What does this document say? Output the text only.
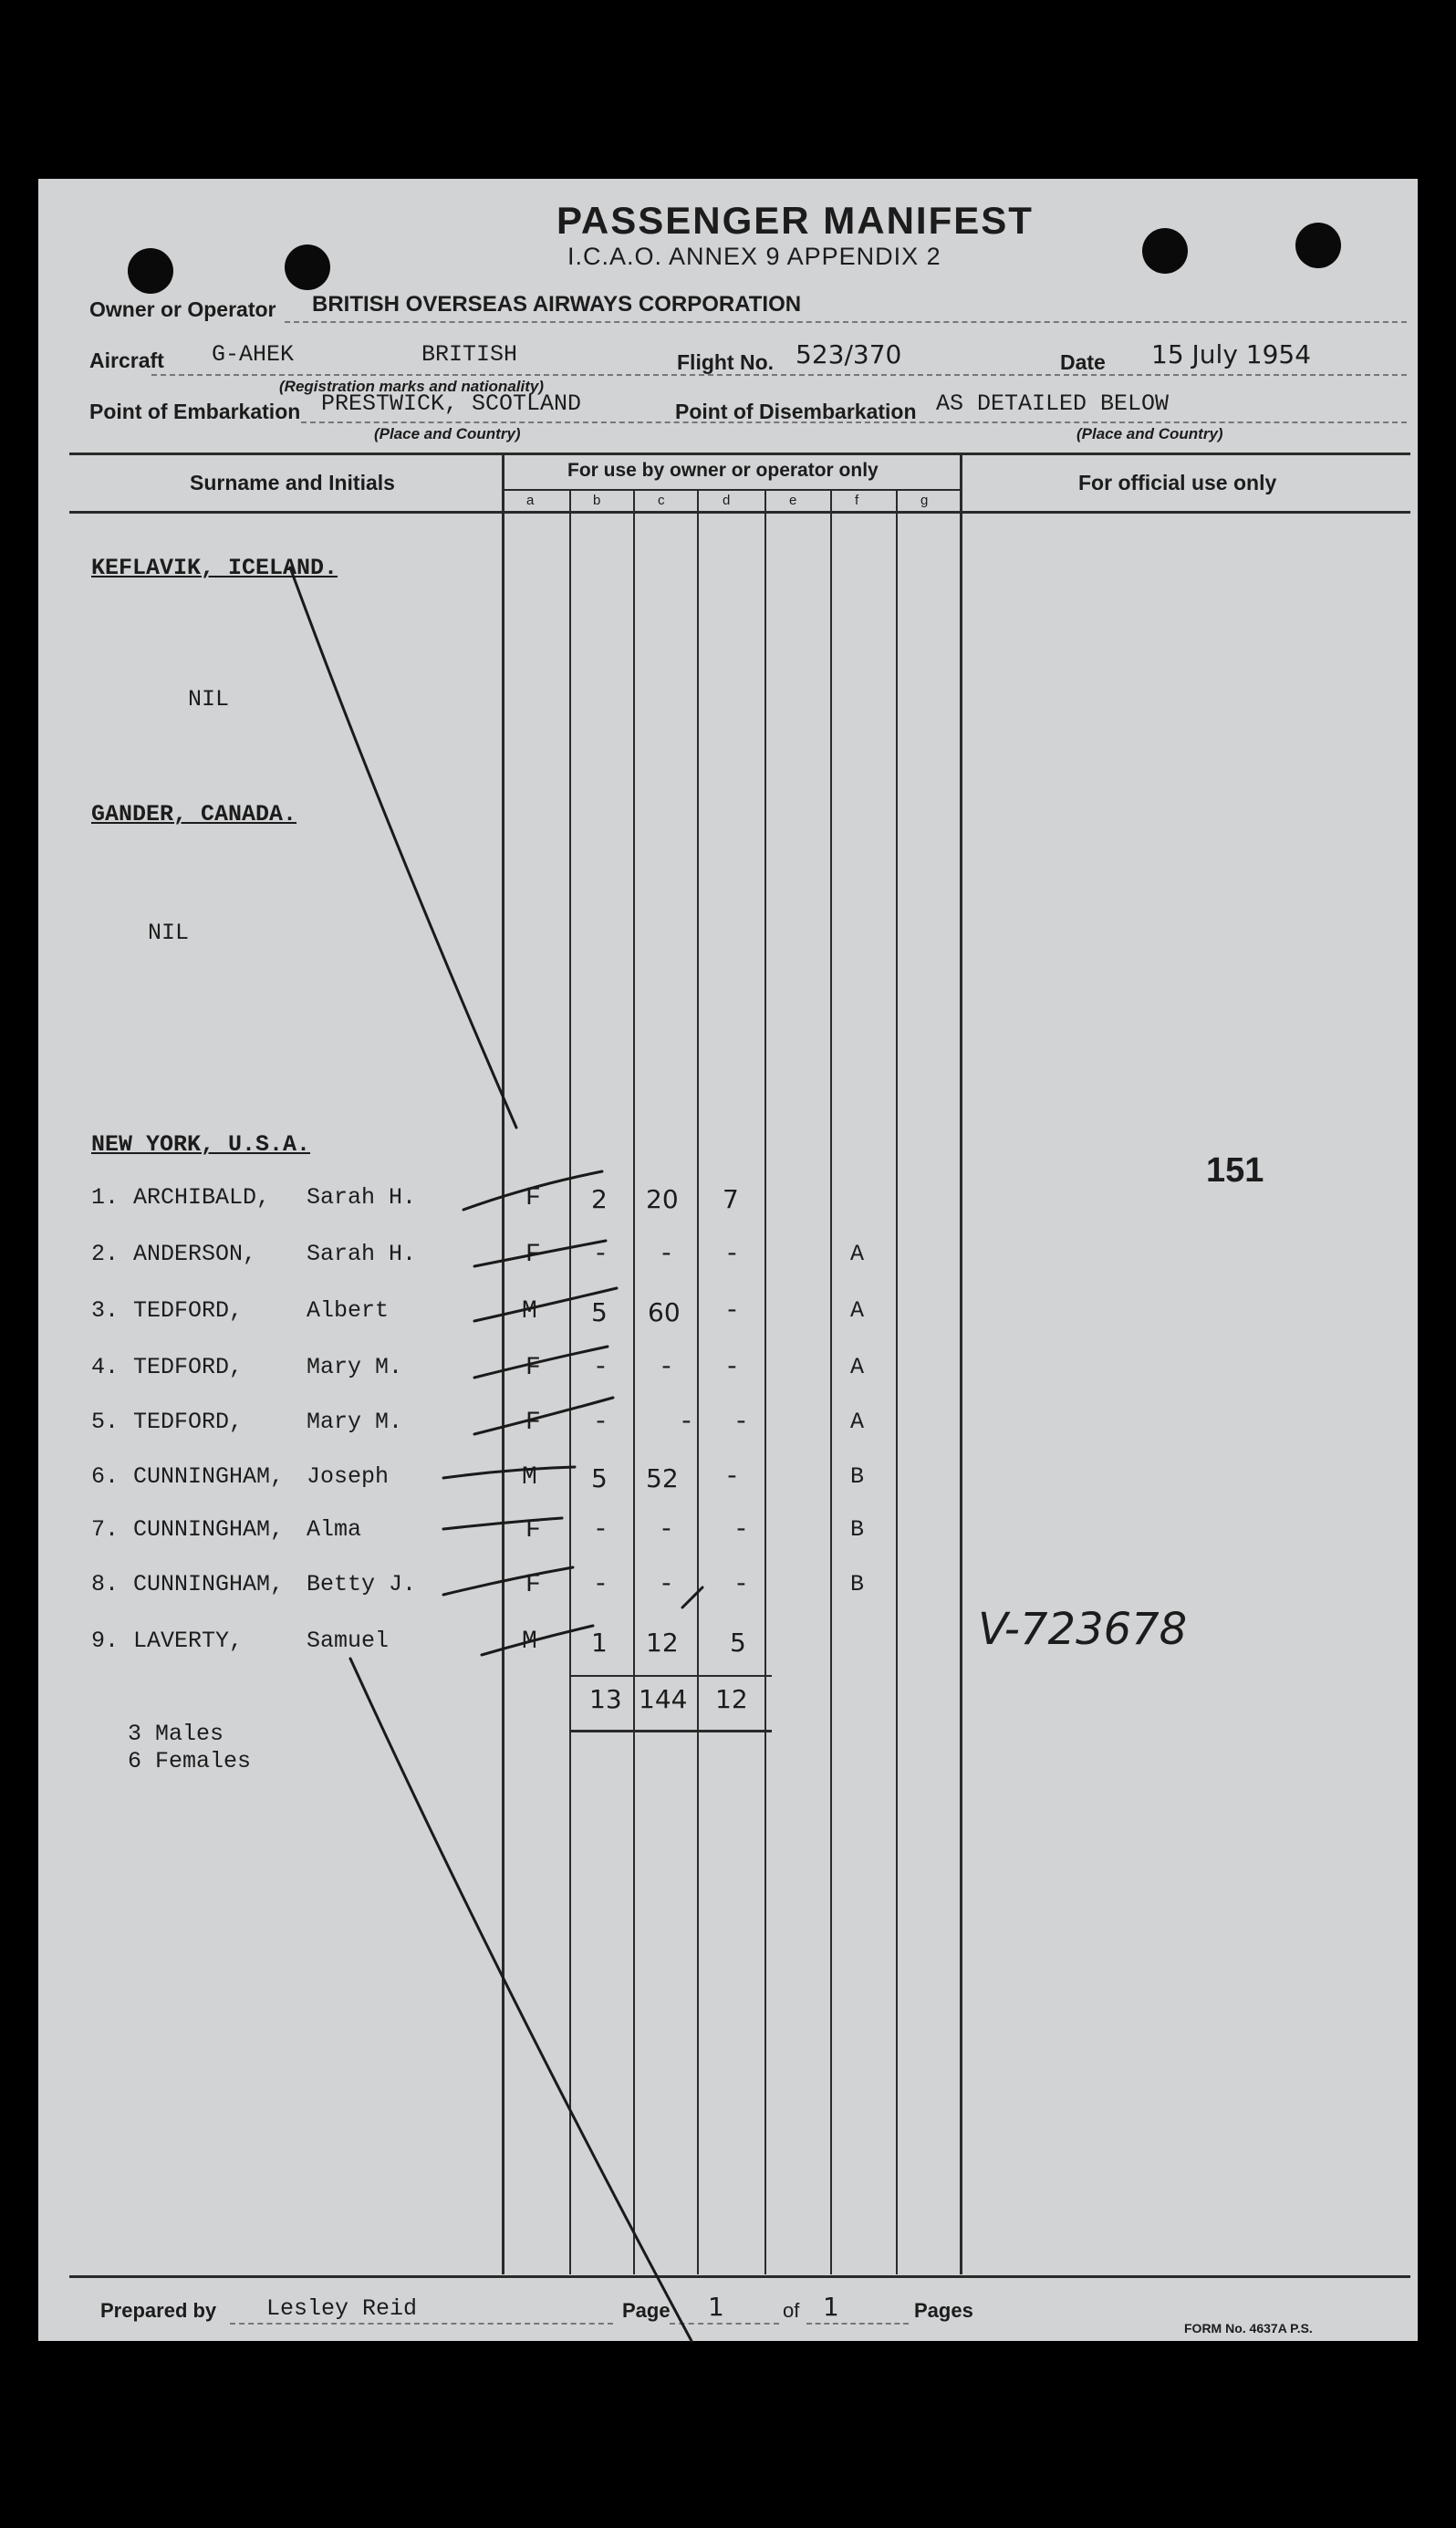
PASSENGER MANIFEST
I.C.A.O. ANNEX 9 APPENDIX 2
Owner or Operator BRITISH OVERSEAS AIRWAYS CORPORATION
Aircraft G-AHEK	BRITISH
(Registration marks and nationality)
Flight No. 523/370	Date 15 July 1954
Point of Embarkation PRESTWICK, SCOTLAND
(Place and Country)
Point of Disembarkation AS DETAILED BELOW
(Place and Country)
Surname and Initials
For use by owner or operator only
For official use only
a	b	c	d	e	f	g
KEFLAVIK, ICELAND.
NIL
GANDER, CANADA.
NIL
NEW YORK, U.S.A.
1. ARCHIBALD, Sarah H.	F 2 20 7
2. ANDERSON, Sarah H.	F - - -	A
3. TEDFORD,	Albert	M 5 60 -	A
4. TEDFORD,	Mary M.	F - - -	A
5. TEDFORD,	Mary M.	F -	- -	A
6. CUNNINGHAM, Joseph	M 5 52 -	B
7. CUNNINGHAM, Alma	F - - -	B
8. CUNNINGHAM, Betty J.	F - - -	B
9. LAVERTY,	Samuel	M 1 12 5
13 144 12
3 Males
6 Females
151
V-723678
Prepared by Lesley Reid	Page 1	of 1	Pages
FORM No. 4637A P.S.
